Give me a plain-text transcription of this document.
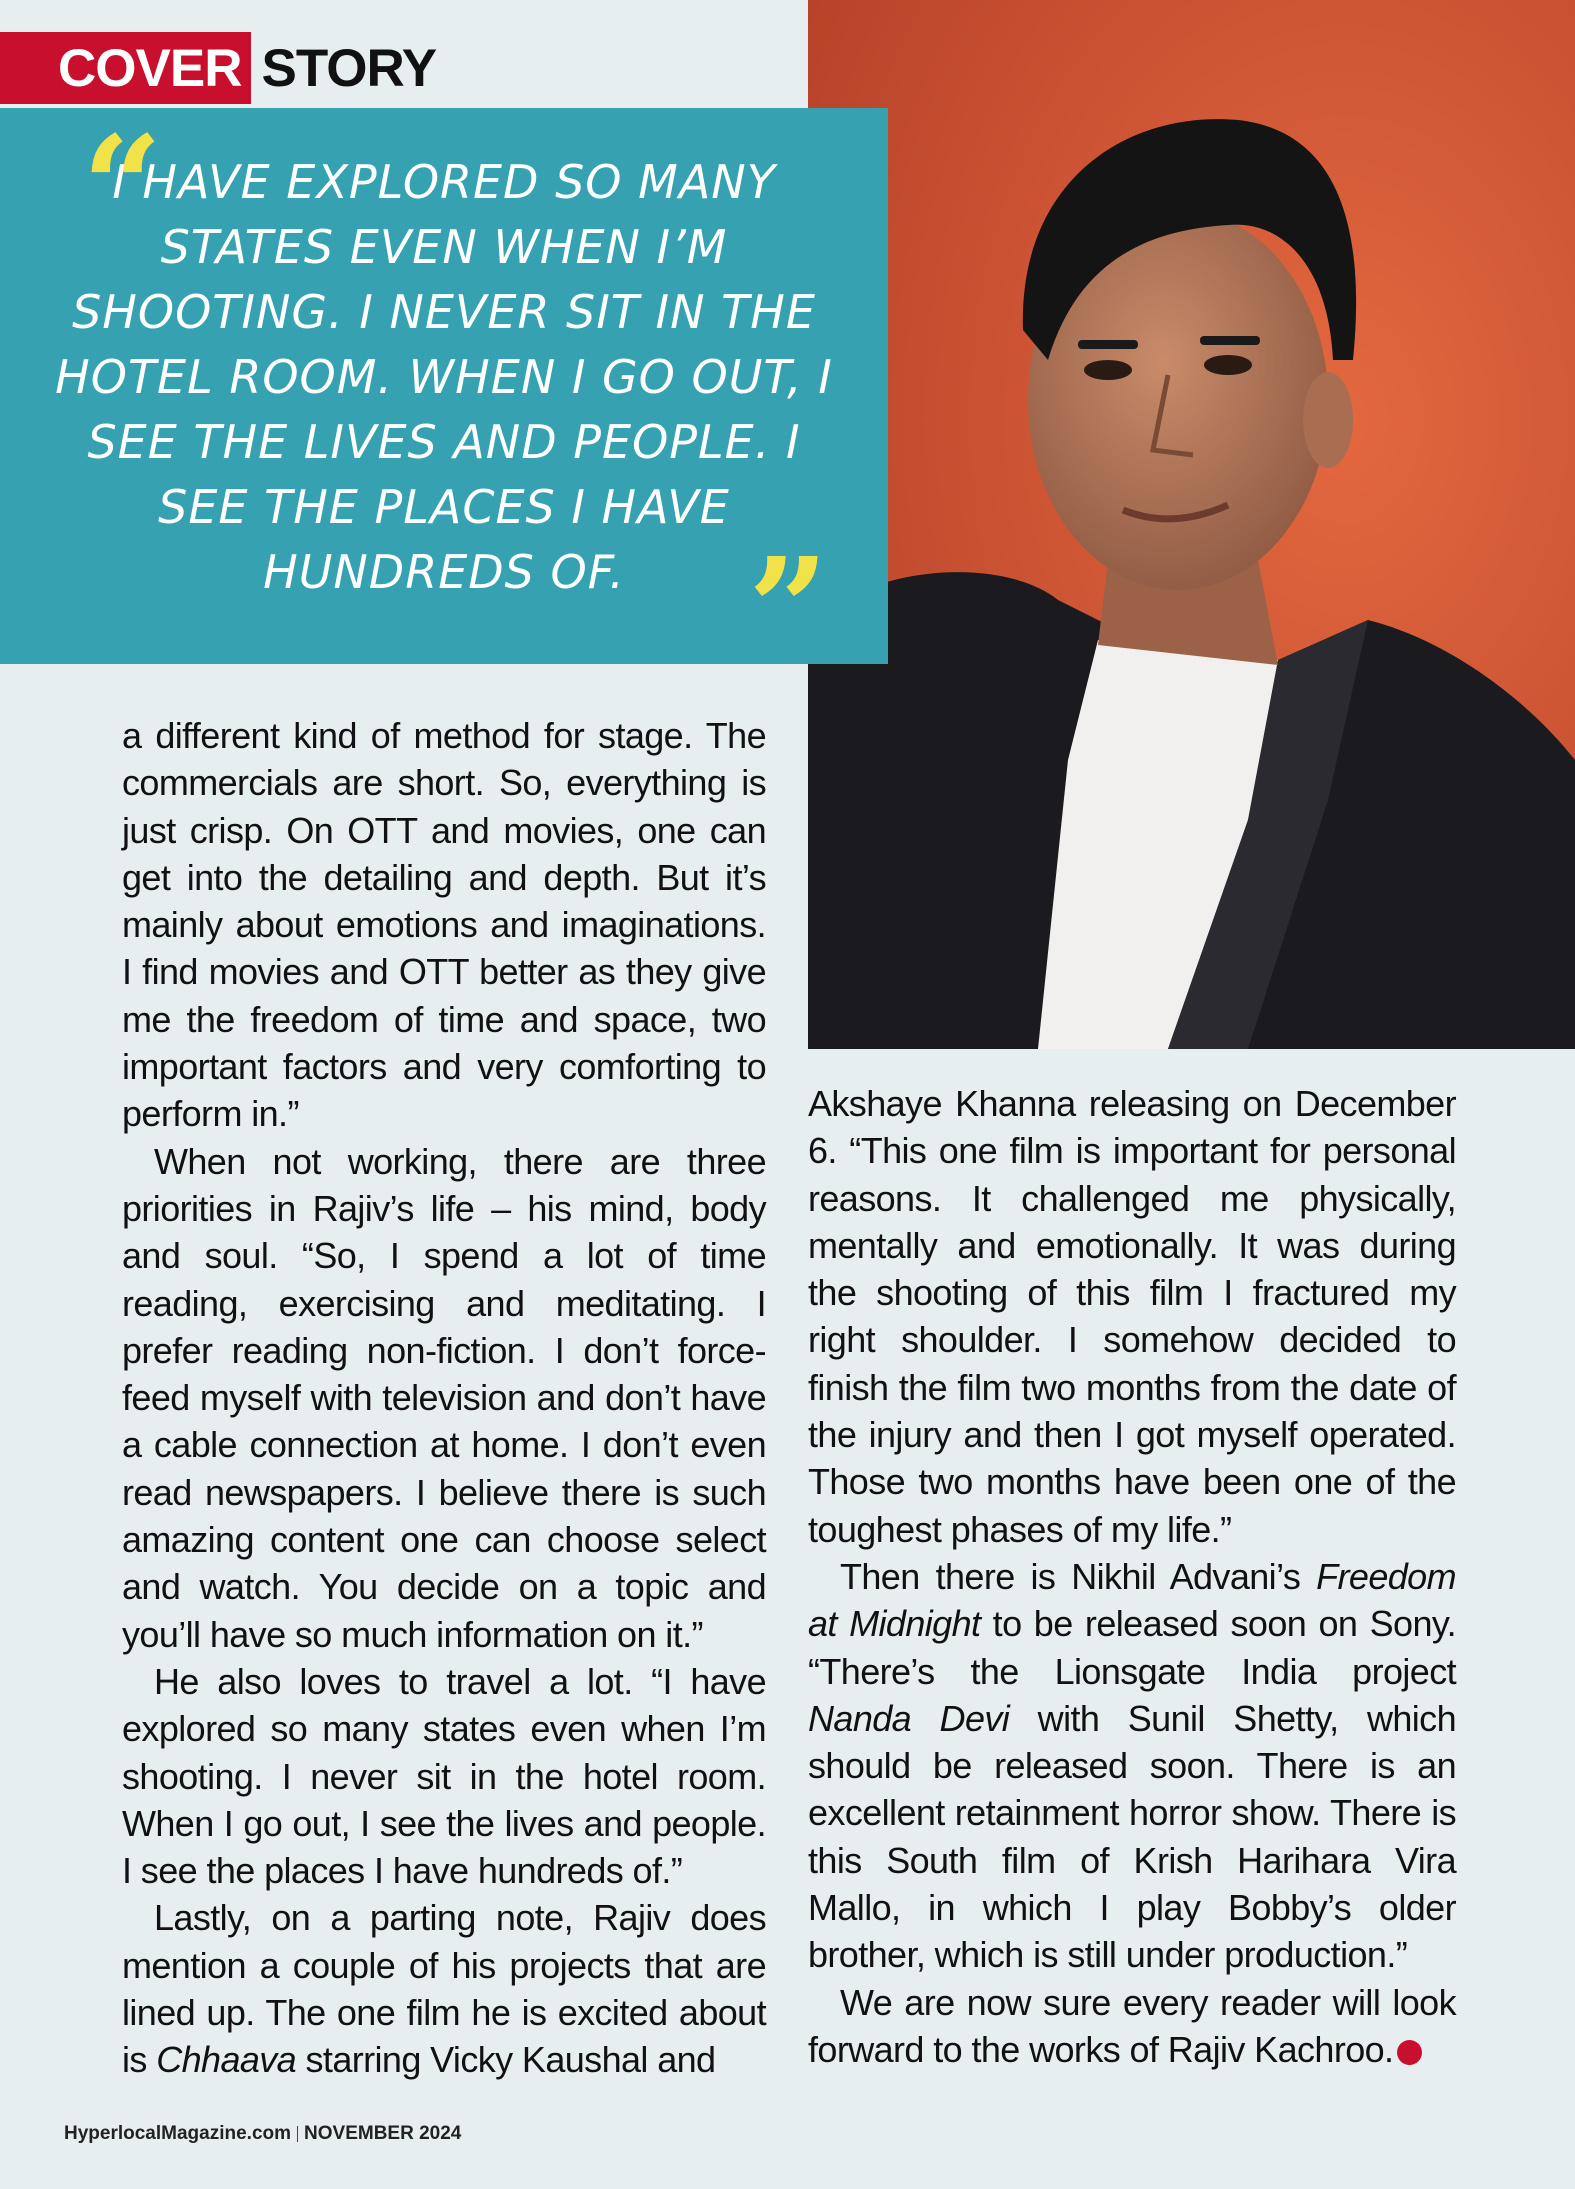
COVER STORY

I HAVE EXPLORED SO MANY STATES EVEN WHEN I’M SHOOTING. I NEVER SIT IN THE HOTEL ROOM. WHEN I GO OUT, I SEE THE LIVES AND PEOPLE. I SEE THE PLACES I HAVE HUNDREDS OF.

“
”

a different kind of method for stage. The commercials are short. So, everything is just crisp. On OTT and movies, one can get into the detailing and depth. But it’s mainly about emotions and imaginations. I find movies and OTT better as they give me the freedom of time and space, two important factors and very comforting to perform in.”

When not working, there are three priorities in Rajiv’s life – his mind, body and soul. “So, I spend a lot of time reading, exercising and meditating. I prefer reading non-fiction. I don’t force-feed myself with television and don’t have a cable connection at home. I don’t even read newspapers. I believe there is such amazing content one can choose select and watch. You decide on a topic and you’ll have so much information on it.”

He also loves to travel a lot. “I have explored so many states even when I’m shooting. I never sit in the hotel room. When I go out, I see the lives and people. I see the places I have hundreds of.”

Lastly, on a parting note, Rajiv does mention a couple of his projects that are lined up. The one film he is excited about is Chhaava starring Vicky Kaushal and

Akshaye Khanna releasing on December 6. “This one film is important for personal reasons. It challenged me physically, mentally and emotionally. It was during the shooting of this film I fractured my right shoulder. I somehow decided to finish the film two months from the date of the injury and then I got myself operated. Those two months have been one of the toughest phases of my life.”

Then there is Nikhil Advani’s Freedom at Midnight to be released soon on Sony. “There’s the Lionsgate India project Nanda Devi with Sunil Shetty, which should be released soon. There is an excellent retainment horror show. There is this South film of Krish Harihara Vira Mallo, in which I play Bobby’s older brother, which is still under production.”

We are now sure every reader will look forward to the works of Rajiv Kachroo.

HyperlocalMagazine.com NOVEMBER 2024
